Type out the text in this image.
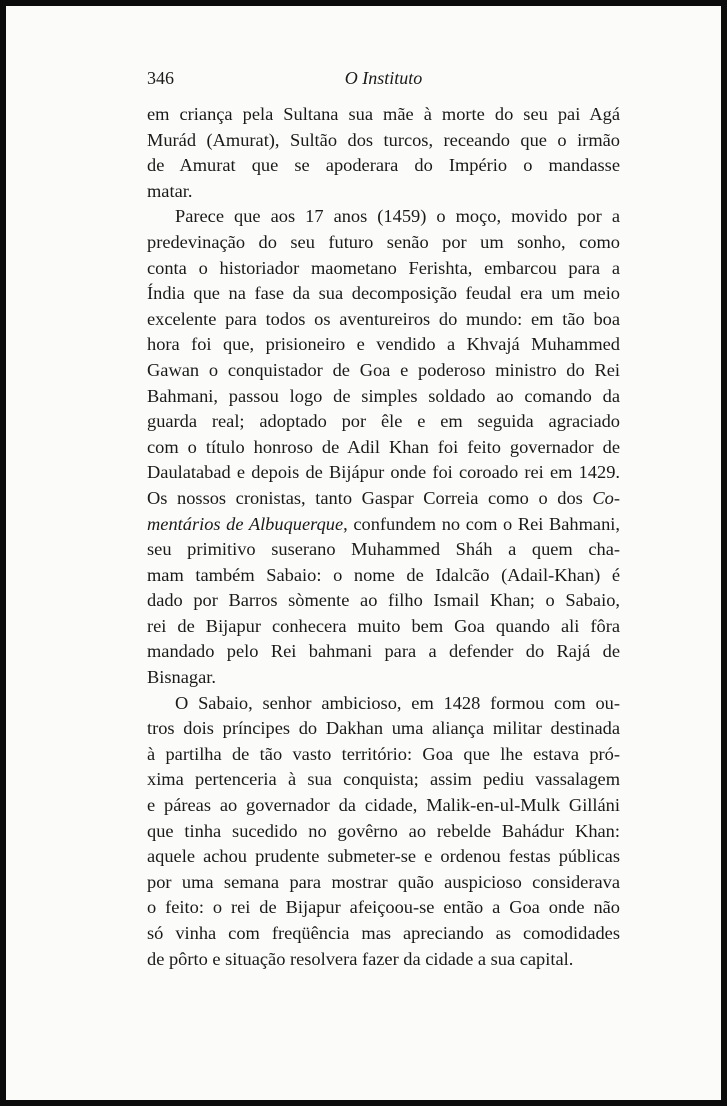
346	O Instituto
em criança pela Sultana sua mãe à morte do seu pai Agá
Murád (Amurat), Sultão dos turcos, receando que o irmão
de Amurat que se apoderara do Império o mandasse
matar.
Parece que aos 17 anos (1459) o moço, movido por a
predevinação do seu futuro senão por um sonho, como
conta o historiador maometano Ferishta, embarcou para a
Índia que na fase da sua decomposição feudal era um meio
excelente para todos os aventureiros do mundo: em tão boa
hora foi que, prisioneiro e vendido a Khvajá Muhammed
Gawan o conquistador de Goa e poderoso ministro do Rei
Bahmani, passou logo de simples soldado ao comando da
guarda real; adoptado por êle e em seguida agraciado
com o título honroso de Adil Khan foi feito governador de
Daulatabad e depois de Bijápur onde foi coroado rei em 1429.
Os nossos cronistas, tanto Gaspar Correia como o dos Co-
mentários de Albuquerque, confundem no com o Rei Bahmani,
seu primitivo suserano Muhammed Sháh a quem cha-
mam também Sabaio: o nome de Idalcão (Adail-Khan) é
dado por Barros sòmente ao filho Ismail Khan; o Sabaio,
rei de Bijapur conhecera muito bem Goa quando ali fôra
mandado pelo Rei bahmani para a defender do Rajá de
Bisnagar.
O Sabaio, senhor ambicioso, em 1428 formou com ou-
tros dois príncipes do Dakhan uma aliança militar destinada
à partilha de tão vasto território: Goa que lhe estava pró-
xima pertenceria à sua conquista; assim pediu vassalagem
e páreas ao governador da cidade, Malik-en-ul-Mulk Gilláni
que tinha sucedido no govêrno ao rebelde Bahádur Khan:
aquele achou prudente submeter-se e ordenou festas públicas
por uma semana para mostrar quão auspicioso considerava
o feito: o rei de Bijapur afeiçoou-se então a Goa onde não
só vinha com freqüência mas apreciando as comodidades
de pôrto e situação resolvera fazer da cidade a sua capital.
